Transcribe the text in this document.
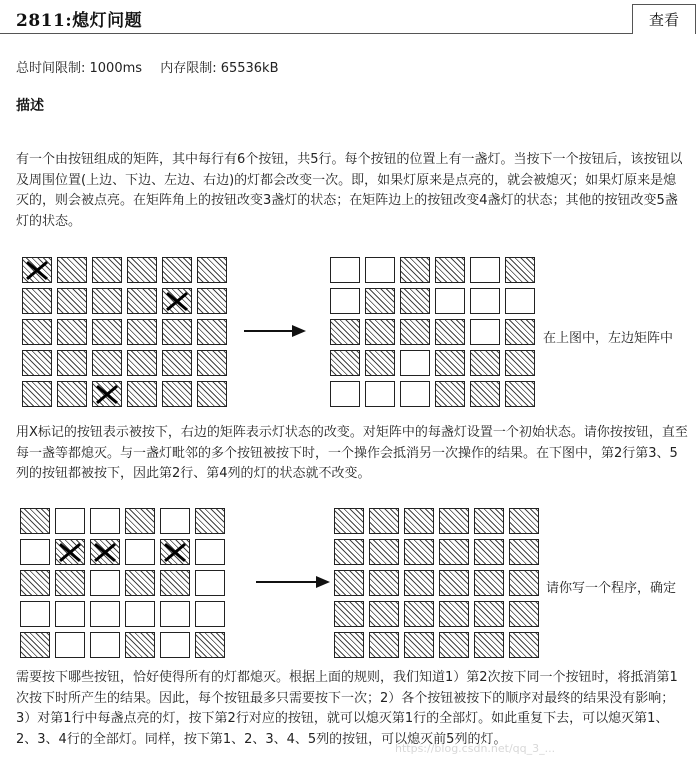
2811:熄灯问题	查看
总时间限制: 1000ms 内存限制: 65536kB
描述
有一个由按钮组成的矩阵，其中每行有6个按钮，共5行。每个按钮的位置上有一盏灯。当按下一个按钮后，该按钮以及周围位置(上边、下边、左边、右边)的灯都会改变一次。即，如果灯原来是点亮的，就会被熄灭；如果灯原来是熄灭的，则会被点亮。在矩阵角上的按钮改变3盏灯的状态；在矩阵边上的按钮改变4盏灯的状态；其他的按钮改变5盏灯的状态。
在上图中，左边矩阵中
用X标记的按钮表示被按下，右边的矩阵表示灯状态的改变。对矩阵中的每盏灯设置一个初始状态。请你按按钮，直至每一盏等都熄灭。与一盏灯毗邻的多个按钮被按下时，一个操作会抵消另一次操作的结果。在下图中，第2行第3、5列的按钮都被按下，因此第2行、第4列的灯的状态就不改变。
请你写一个程序，确定
需要按下哪些按钮，恰好使得所有的灯都熄灭。根据上面的规则，我们知道1）第2次按下同一个按钮时，将抵消第1次按下时所产生的结果。因此，每个按钮最多只需要按下一次；2）各个按钮被按下的顺序对最终的结果没有影响；3）对第1行中每盏点亮的灯，按下第2行对应的按钮，就可以熄灭第1行的全部灯。如此重复下去，可以熄灭第1、2、3、4行的全部灯。同样，按下第1、2、3、4、5列的按钮，可以熄灭前5列的灯。
https://blog.csdn.net/qq_3_...
